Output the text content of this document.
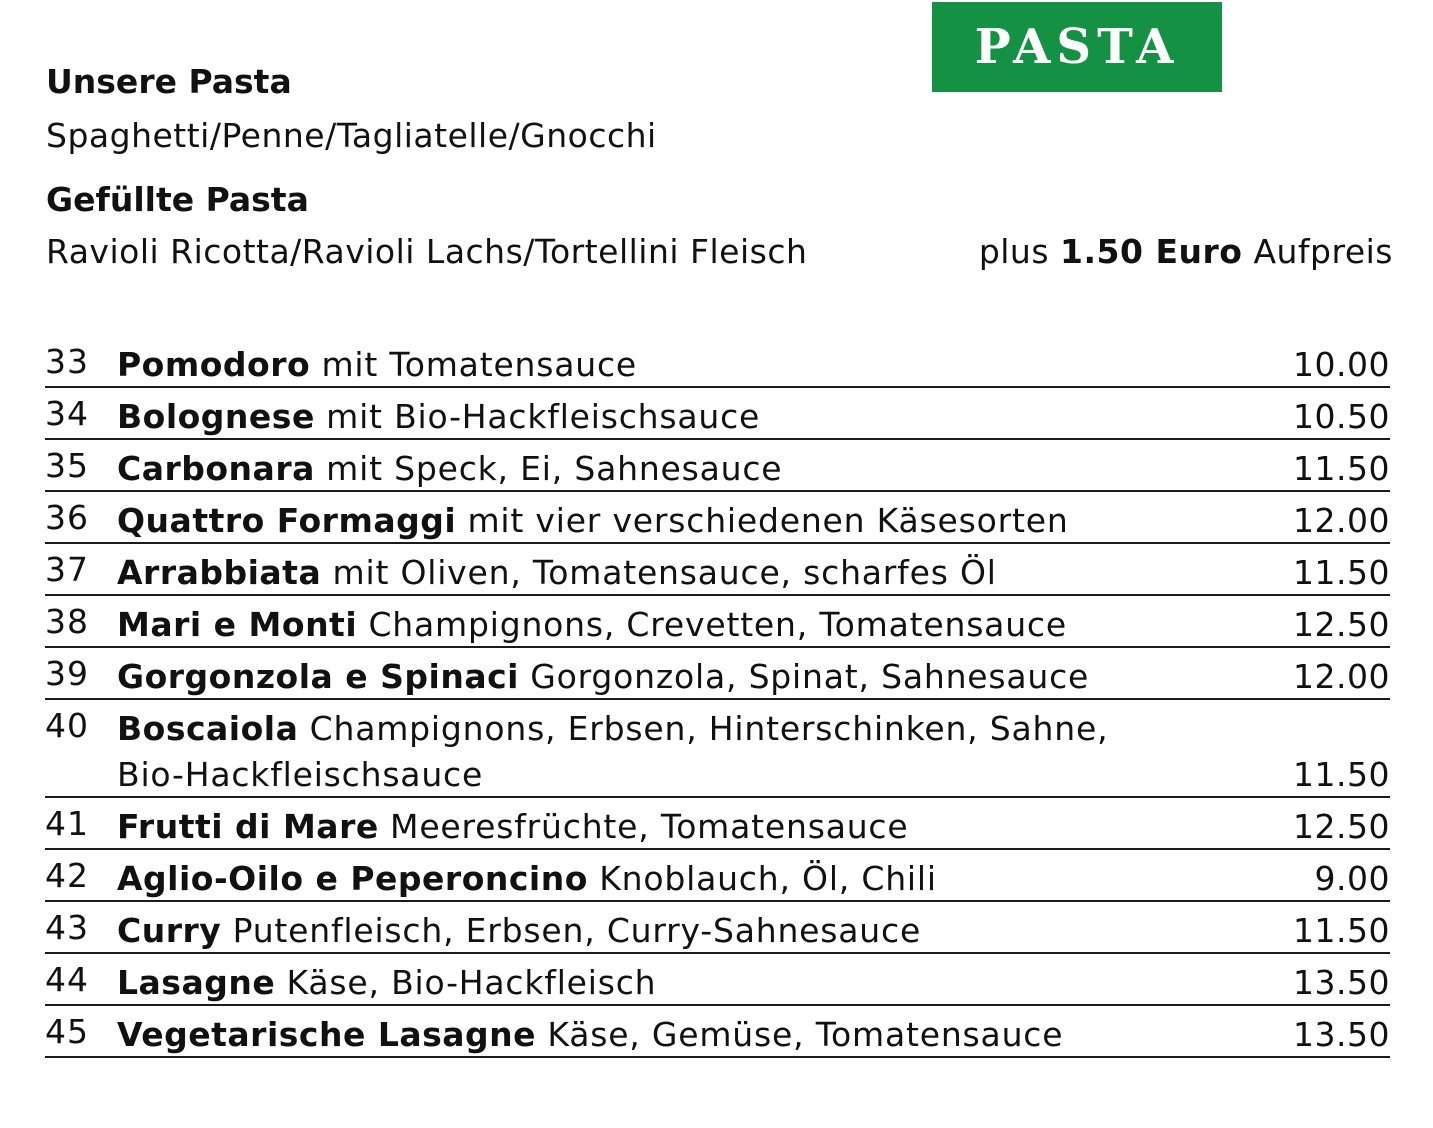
PASTA
Unsere Pasta
Spaghetti/Penne/Tagliatelle/Gnocchi
Gefüllte Pasta
Ravioli Ricotta/Ravioli Lachs/Tortellini Fleisch	plus 1.50 Euro Aufpreis
33 Pomodoro mit Tomatensauce	10.00
34 Bolognese mit Bio-Hackfleischsauce	10.50
35 Carbonara mit Speck, Ei, Sahnesauce	11.50
36 Quattro Formaggi mit vier verschiedenen Käsesorten	12.00
37 Arrabbiata mit Oliven, Tomatensauce, scharfes Öl	11.50
38 Mari e Monti Champignons, Crevetten, Tomatensauce	12.50
39 Gorgonzola e Spinaci Gorgonzola, Spinat, Sahnesauce	12.00
40 Boscaiola Champignons, Erbsen, Hinterschinken, Sahne,
Bio-Hackfleischsauce	11.50
41 Frutti di Mare Meeresfrüchte, Tomatensauce	12.50
42 Aglio-Oilo e Peperoncino Knoblauch, Öl, Chili	9.00
43 Curry Putenfleisch, Erbsen, Curry-Sahnesauce	11.50
44 Lasagne Käse, Bio-Hackfleisch	13.50
45 Vegetarische Lasagne Käse, Gemüse, Tomatensauce	13.50
